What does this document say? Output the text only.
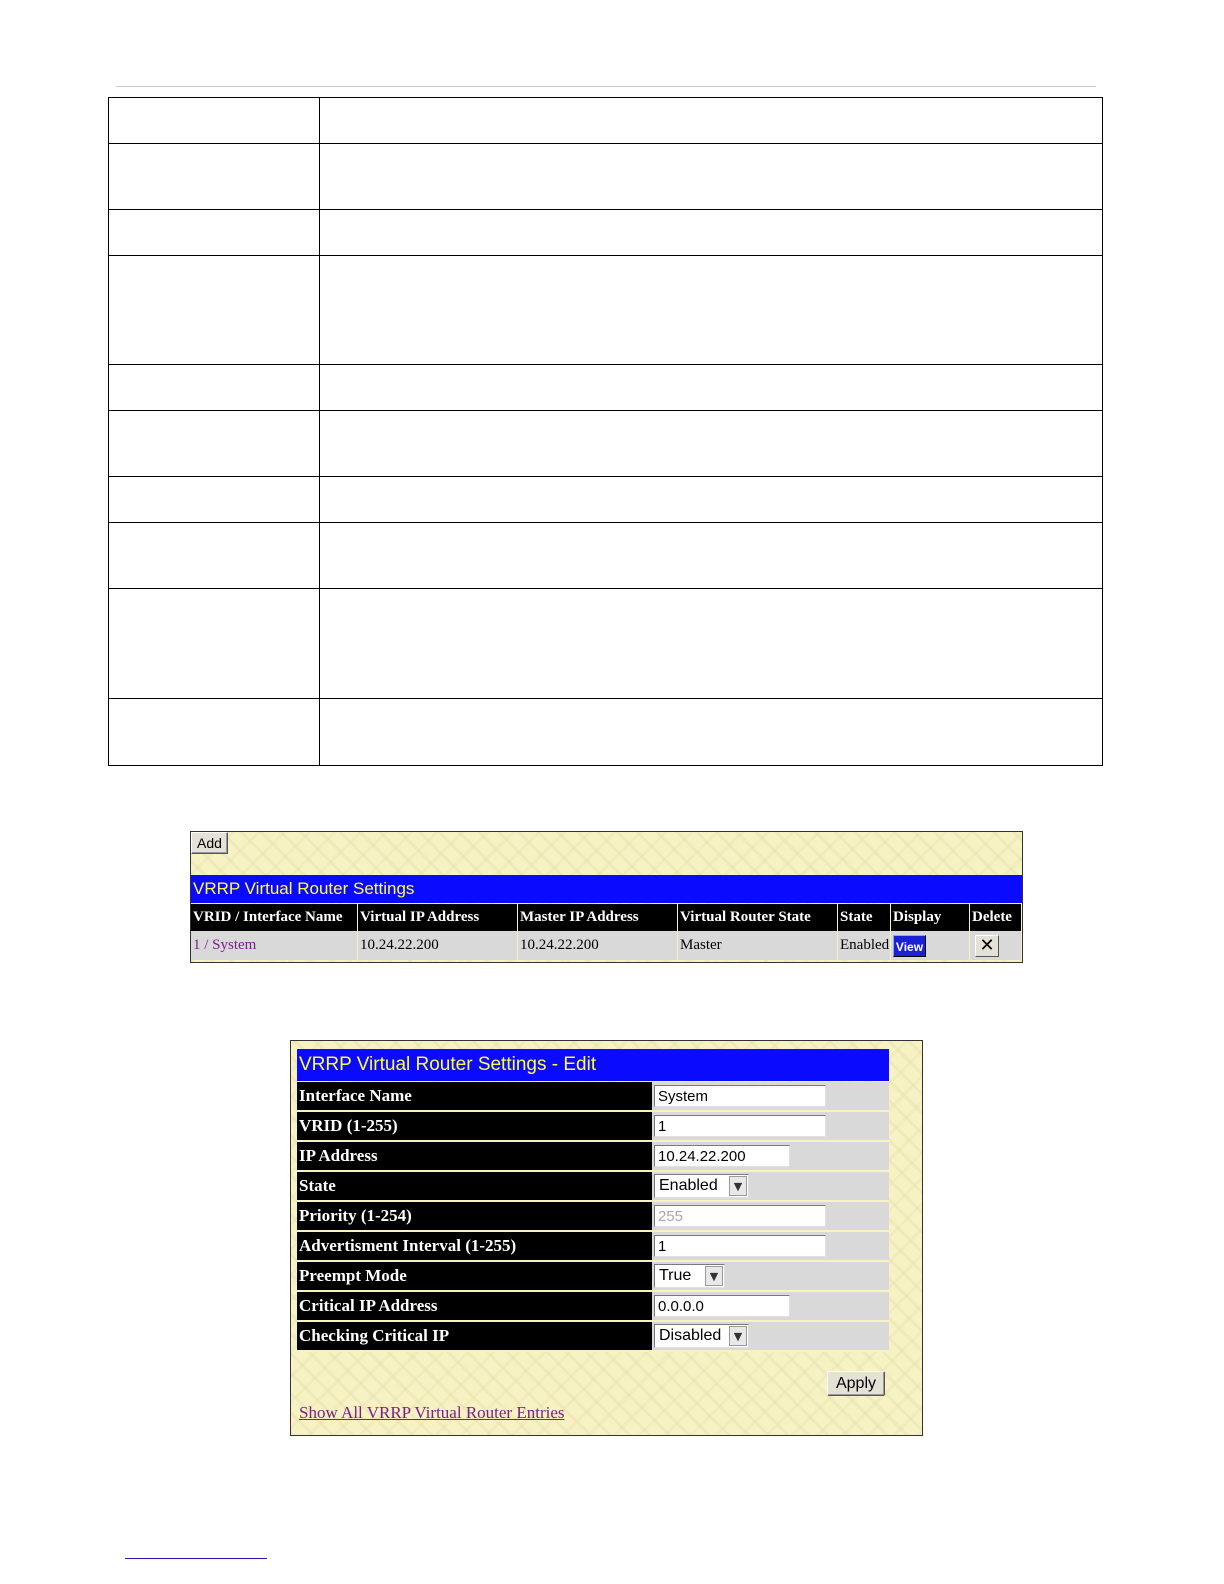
Add
VRRP Virtual Router Settings
VRID / Interface Name	Virtual IP Address	Master IP Address	Virtual Router State	State	Display	Delete
1 / System	10.24.22.200	10.24.22.200	Master	Enabled	View	✕
VRRP Virtual Router Settings - Edit
Interface Name	System
VRID (1-255)	1
IP Address	10.24.22.200
State	Enabled ▼

Priority (1-254)	255
Advertisment Interval (1-255)	1
Preempt Mode	True ▼

Critical IP Address	0.0.0.0
Checking Critical IP	Disabled ▼
Apply
Show All VRRP Virtual Router Entries
